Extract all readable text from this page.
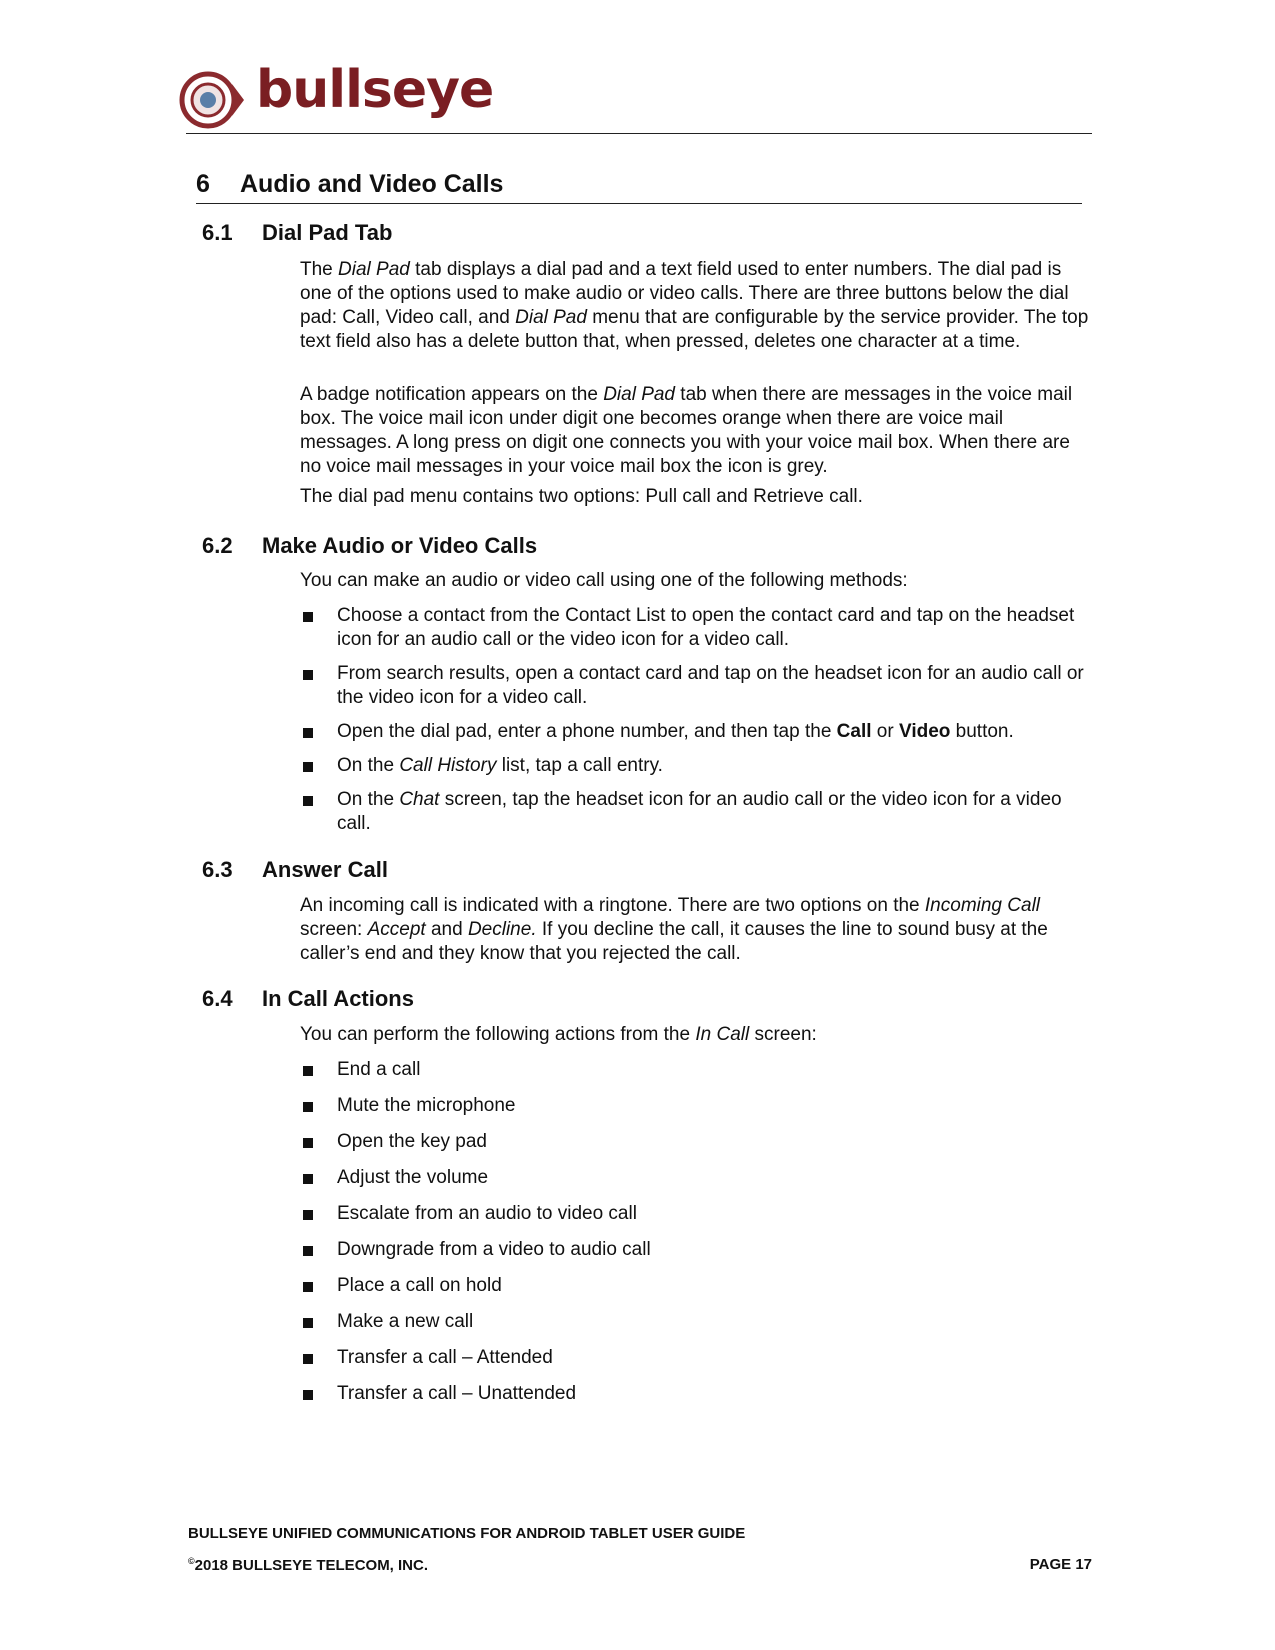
bullseye
6 Audio and Video Calls
6.1 Dial Pad Tab

The Dial Pad tab displays a dial pad and a text field used to enter numbers. The dial pad is one of the options used to make audio or video calls. There are three buttons below the dial pad: Call, Video call, and Dial Pad menu that are configurable by the service provider. The top text field also has a delete button that, when pressed, deletes one character at a time.

A badge notification appears on the Dial Pad tab when there are messages in the voice mail box. The voice mail icon under digit one becomes orange when there are voice mail messages. A long press on digit one connects you with your voice mail box. When there are no voice mail messages in your voice mail box the icon is grey.

The dial pad menu contains two options: Pull call and Retrieve call.

6.2 Make Audio or Video Calls

You can make an audio or video call using one of the following methods:

Choose a contact from the Contact List to open the contact card and tap on the headset icon for an audio call or the video icon for a video call.
From search results, open a contact card and tap on the headset icon for an audio call or the video icon for a video call.
Open the dial pad, enter a phone number, and then tap the Call or Video button.
On the Call History list, tap a call entry.
On the Chat screen, tap the headset icon for an audio call or the video icon for a video call.
6.3 Answer Call

An incoming call is indicated with a ringtone. There are two options on the Incoming Call screen: Accept and Decline. If you decline the call, it causes the line to sound busy at the caller’s end and they know that you rejected the call.

6.4 In Call Actions

You can perform the following actions from the In Call screen:

End a call
Mute the microphone
Open the key pad
Adjust the volume
Escalate from an audio to video call
Downgrade from a video to audio call
Place a call on hold
Make a new call
Transfer a call – Attended
Transfer a call – Unattended
BULLSEYE UNIFIED COMMUNICATIONS FOR ANDROID TABLET USER GUIDE
©2018 BULLSEYE TELECOM, INC.	PAGE 17
